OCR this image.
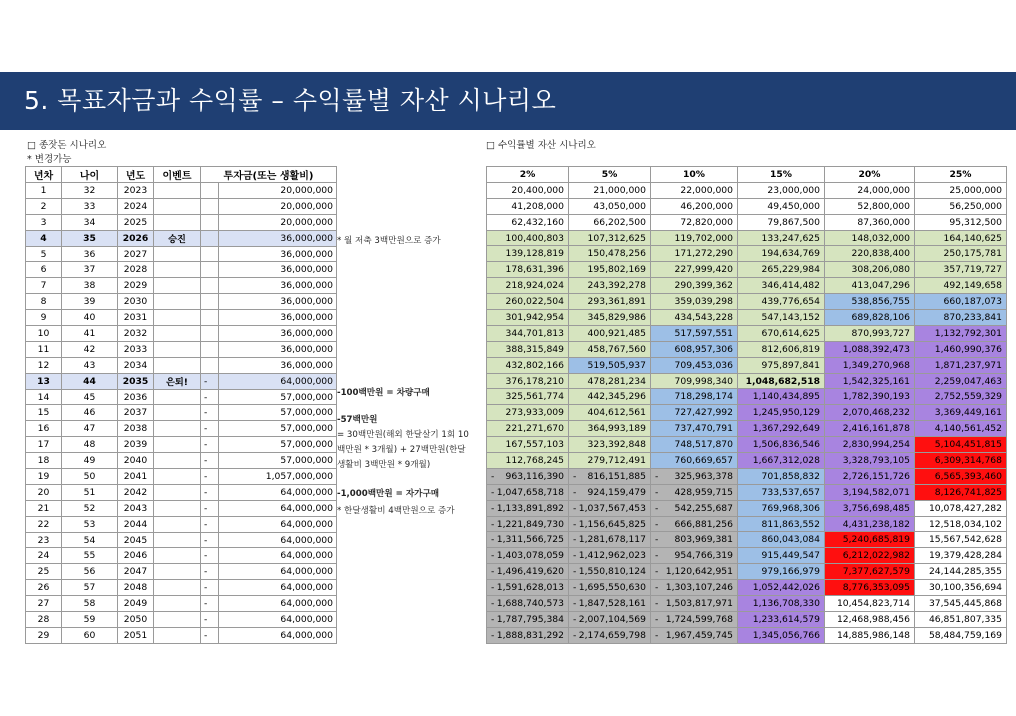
5. 목표자금과 수익률 – 수익률별 자산 시나리오
□ 종잣돈 시나리오
* 변경가능
□ 수익률별 자산 시나리오
년차	나이	년도	이벤트	투자금(또는 생활비)	
1	32	2023			20,000,000
2	33	2024			20,000,000
3	34	2025			20,000,000
4	35	2026	승진		36,000,000
5	36	2027			36,000,000
6	37	2028			36,000,000
7	38	2029			36,000,000
8	39	2030			36,000,000
9	40	2031			36,000,000
10	41	2032			36,000,000
11	42	2033			36,000,000
12	43	2034			36,000,000
13	44	2035	은퇴!	-	64,000,000
14	45	2036		-	57,000,000
15	46	2037		-	57,000,000
16	47	2038		-	57,000,000
17	48	2039		-	57,000,000
18	49	2040		-	57,000,000
19	50	2041		-	1,057,000,000
20	51	2042		-	64,000,000
21	52	2043		-	64,000,000
22	53	2044		-	64,000,000
23	54	2045		-	64,000,000
24	55	2046		-	64,000,000
25	56	2047		-	64,000,000
26	57	2048		-	64,000,000
27	58	2049		-	64,000,000
28	59	2050		-	64,000,000
29	60	2051		-	64,000,000
* 월 저축 3백만원으로 증가
-100백만원 = 차량구매
-57백만원
= 30백만원(해외 한달살기 1회 10
백만원 * 3개월) + 27백만원(한달
생활비 3백만원 * 9개월)
-1,000백만원 = 자가구매
* 한달생활비 4백만원으로 증가
2%	5%	10%	15%	20%	25%
20,400,000	21,000,000	22,000,000	23,000,000	24,000,000	25,000,000
41,208,000	43,050,000	46,200,000	49,450,000	52,800,000	56,250,000
62,432,160	66,202,500	72,820,000	79,867,500	87,360,000	95,312,500
100,400,803	107,312,625	119,702,000	133,247,625	148,032,000	164,140,625
139,128,819	150,478,256	171,272,290	194,634,769	220,838,400	250,175,781
178,631,396	195,802,169	227,999,420	265,229,984	308,206,080	357,719,727
218,924,024	243,392,278	290,399,362	346,414,482	413,047,296	492,149,658
260,022,504	293,361,891	359,039,298	439,776,654	538,856,755	660,187,073
301,942,954	345,829,986	434,543,228	547,143,152	689,828,106	870,233,841
344,701,813	400,921,485	517,597,551	670,614,625	870,993,727	1,132,792,301
388,315,849	458,767,560	608,957,306	812,606,819	1,088,392,473	1,460,990,376
432,802,166	519,505,937	709,453,036	975,897,841	1,349,270,968	1,871,237,971
376,178,210	478,281,234	709,998,340	1,048,682,518	1,542,325,161	2,259,047,463
325,561,774	442,345,296	718,298,174	1,140,434,895	1,782,390,193	2,752,559,329
273,933,009	404,612,561	727,427,992	1,245,950,129	2,070,468,232	3,369,449,161
221,271,670	364,993,189	737,470,791	1,367,292,649	2,416,161,878	4,140,561,452
167,557,103	323,392,848	748,517,870	1,506,836,546	2,830,994,254	5,104,451,815
112,768,245	279,712,491	760,669,657	1,667,312,028	3,328,793,105	6,309,314,768

- 963,116,390	- 816,151,885	- 325,963,378	701,858,832	2,726,151,726	6,565,393,460

- 1,047,658,718	- 924,159,479	- 428,959,715	733,537,657	3,194,582,071	8,126,741,825

- 1,133,891,892	- 1,037,567,453	- 542,255,687	769,968,306	3,756,698,485	10,078,427,282

- 1,221,849,730	- 1,156,645,825	- 666,881,256	811,863,552	4,431,238,182	12,518,034,102

- 1,311,566,725	- 1,281,678,117	- 803,969,381	860,043,084	5,240,685,819	15,567,542,628

- 1,403,078,059	- 1,412,962,023	- 954,766,319	915,449,547	6,212,022,982	19,379,428,284

- 1,496,419,620	- 1,550,810,124	- 1,120,642,951	979,166,979	7,377,627,579	24,144,285,355

- 1,591,628,013	- 1,695,550,630	- 1,303,107,246	1,052,442,026	8,776,353,095	30,100,356,694

- 1,688,740,573	- 1,847,528,161	- 1,503,817,971	1,136,708,330	10,454,823,714	37,545,445,868

- 1,787,795,384	- 2,007,104,569	- 1,724,599,768	1,233,614,579	12,468,988,456	46,851,807,335

- 1,888,831,292	- 2,174,659,798	- 1,967,459,745	1,345,056,766	14,885,986,148	58,484,759,169
